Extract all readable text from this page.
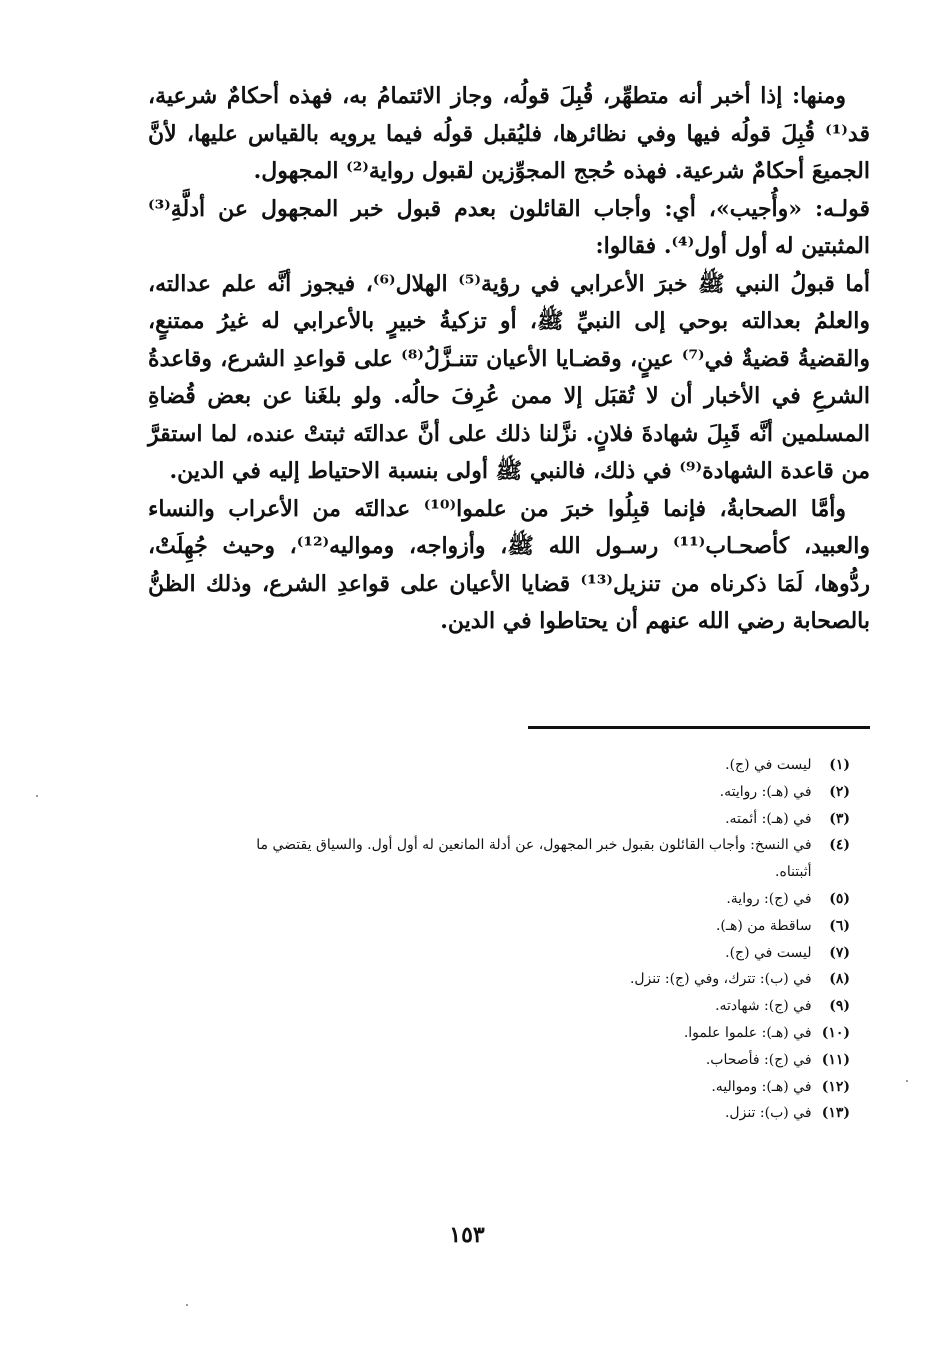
ومنها: إذا أخبر أنه متطهِّر، قُبِلَ قولُه، وجاز الائتمامُ به، فهذه أحكامٌ شرعية، قد⁽¹⁾ قُبِلَ قولُه فيها وفي نظائرها، فليُقبل قولُه فيما يرويه بالقياس عليها، لأنَّ الجميعَ أحكامٌ شرعية. فهذه حُجج المجوِّزين لقبول رواية⁽²⁾ المجهول.

قولـه: «وأُجيب»، أي: وأجاب القائلون بعدم قبول خبر المجهول عن أدلَّةِ⁽³⁾ المثبتين له أول أول⁽⁴⁾. فقالوا:

أما قبولُ النبي ﷺ خبرَ الأعرابي في رؤية⁽⁵⁾ الهلال⁽⁶⁾، فيجوز أنَّه علم عدالته، والعلمُ بعدالته بوحي إلى النبيِّ ﷺ، أو تزكيةُ خبيرٍ بالأعرابي له غيرُ ممتنعٍ، والقضيةُ قضيةٌ في⁽⁷⁾ عينٍ، وقضـايا الأعيان تتنـزَّلُ⁽⁸⁾ على قواعدِ الشرع، وقاعدةُ الشرعِ في الأخبار أن لا تُقبَل إلا ممن عُرِفَ حالُه. ولو بلغَنا عن بعض قُضاةِ المسلمين أنَّه قَبِلَ شهادةَ فلانٍ. نزَّلنا ذلك على أنَّ عدالتَه ثبتتْ عنده، لما استقرَّ من قاعدة الشهادة⁽⁹⁾ في ذلك، فالنبي ﷺ أولى بنسبة الاحتياط إليه في الدين.

وأمَّا الصحابةُ، فإنما قبِلُوا خبرَ من علموا⁽¹⁰⁾ عدالتَه من الأعراب والنساء والعبيد، كأصحـاب⁽¹¹⁾ رسـول الله ﷺ، وأزواجه، ومواليه⁽¹²⁾، وحيث جُهِلَتْ، ردُّوها، لَمَا ذكرناه من تنزيل⁽¹³⁾ قضايا الأعيان على قواعدِ الشرع، وذلك الظنُّ بالصحابة رضي الله عنهم أن يحتاطوا في الدين.

(١) ليست في (ج).
(٢) في (هـ): روايته.
(٣) في (هـ): أئمته.
(٤) في النسخ: وأجاب القائلون بقبول خبر المجهول، عن أدلة المانعين له أول أول. والسياق يقتضي ما
أثبتناه.
(٥) في (ج): رواية.
(٦) ساقطة من (هـ).
(٧) ليست في (ج).
(٨) في (ب): تترك، وفي (ج): تنزل.
(٩) في (ج): شهادته.
(١٠) في (هـ): علموا علموا.
(١١) في (ج): فأصحاب.
(١٢) في (هـ): ومواليه.
(١٣) في (ب): تنزل.
١٥٣
